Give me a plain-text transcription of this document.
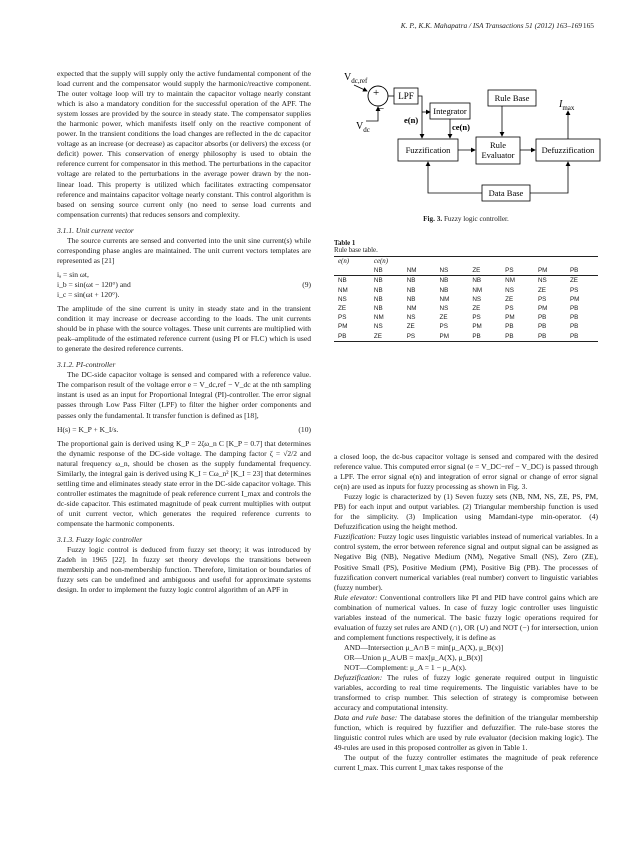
K. P., K.K. Mahapatra / ISA Transactions 51 (2012) 163–169 165

expected that the supply will supply only the active fundamental component of the load current and the compensator would supply the harmonic/reactive component. The outer voltage loop will try to maintain the capacitor voltage nearly constant which is also a mandatory condition for the successful operation of the APF. The system losses are provided by the source in steady state. The compensator supplies the harmonic power, which manifests itself only on the reactive component of power. In the transient conditions the load changes are reflected in the dc capacitor voltage as an increase (or decrease) as capacitor absorbs (or delivers) the excess (or deficit) power. This conservation of energy philosophy is used to obtain the reference current for compensator in this method. The perturbations in the capacitor voltage are related to the perturbations in the average power drawn by the non-linear load. This property is utilized which facilitates extracting compensator reference and maintains capacitor voltage nearly constant. This control algorithm is based on sensing source current only (no need to sense load currents and compensation currents) that reduces sensors and complexity.

3.1.1. Unit current vector

The source currents are sensed and converted into the unit sine current(s) while corresponding phase angles are maintained. The unit current vectors templates are represented as [21]

iₐ = sin ωt,
i_b = sin(ωt − 120°) and	(9)
i_c = sin(ωt + 120°).

The amplitude of the sine current is unity in steady state and in the transient condition it may increase or decrease according to the loads. The unit currents should be in phase with the source voltages. These unit currents are multiplied with peak–amplitude of the estimated reference current (using PI or FLC) which is used to generate the desired reference currents.

3.1.2. PI-controller

The DC-side capacitor voltage is sensed and compared with a reference value. The comparison result of the voltage error e = V_dc,ref − V_dc at the nth sampling instant is used as an input for Proportional Integral (PI)-controller. The error signal passes through Low Pass Filter (LPF) to filter the higher order components and passes only the fundamental. It transfer function is defined as [18],

H(s) = K_P + K_I/s.	(10)

The proportional gain is derived using K_P = 2ζω_n C [K_P = 0.7] that determines the dynamic response of the DC-side voltage. The damping factor ζ = √2/2 and natural frequency ω_n, should be chosen as the supply fundamental frequency. Similarly, the integral gain is derived using K_I = Cω_n² [K_I = 23] that determines settling time and eliminates steady state error in the DC-side capacitor voltage. This controller estimates the magnitude of peak reference current I_max and controls the dc-side capacitor. This estimated magnitude of peak current multiplies with output of unit current vector, which generates the required reference currents to compensate the harmonic components.

3.1.3. Fuzzy logic controller

Fuzzy logic control is deduced from fuzzy set theory; it was introduced by Zadeh in 1965 [22]. In fuzzy set theory develops the transitions between membership and non-membership function. Therefore, limitation or boundaries of fuzzy sets can be undefined and ambiguous and useful for approximate systems design. In order to implement the fuzzy logic control algorithm of an APF in

$V_{dc,ref}$
+
−
$V_{dc}$
LPF
e(n)
Integrator
ce(n)
Fuzzification	Rule
Evaluator
Rule Base
Defuzzification
$I_{max}$
Data Base
Fig. 3. Fuzzy logic controller.
Table 1
Rule base table.
e(n)	ce(n)						
	NB	NM	NS	ZE	PS	PM	PB
NB	NB	NB	NB	NB	NM	NS	ZE
NM	NB	NB	NB	NM	NS	ZE	PS
NS	NB	NB	NM	NS	ZE	PS	PM
ZE	NB	NM	NS	ZE	PS	PM	PB
PS	NM	NS	ZE	PS	PM	PB	PB
PM	NS	ZE	PS	PM	PB	PB	PB
PB	ZE	PS	PM	PB	PB	PB	PB

a closed loop, the dc-bus capacitor voltage is sensed and compared with the desired reference value. This computed error signal (e = V_DC−ref − V_DC) is passed through a LPF. The error signal e(n) and integration of error signal or change of error signal ce(n) are used as inputs for fuzzy processing as shown in Fig. 3.

Fuzzy logic is characterized by (1) Seven fuzzy sets (NB, NM, NS, ZE, PS, PM, PB) for each input and output variables. (2) Triangular membership function is used for the simplicity. (3) Implication using Mamdani-type min-operator. (4) Defuzzification using the height method.

Fuzzification: Fuzzy logic uses linguistic variables instead of numerical variables. In a control system, the error between reference signal and output signal can be assigned as Negative Big (NB), Negative Medium (NM), Negative Small (NS), Zero (ZE), Positive Small (PS), Positive Medium (PM), Positive Big (PB). The processes of fuzzification convert numerical variables (real number) convert to linguistic variables (fuzzy number).

Rule elevator: Conventional controllers like PI and PID have control gains which are combination of numerical values. In case of fuzzy logic controller uses linguistic variables instead of the numerical. The basic fuzzy logic operations required for evaluation of fuzzy set rules are AND (∩), OR (∪) and NOT (−) for intersection, union and complement functions respectively, it is define as

AND—Intersection μ_A∩B = min[μ_A(X), μ_B(x)]

OR—Union μ_A∪B = max[μ_A(X), μ_B(x)]

NOT—Complement: μ_A = 1 − μ_A(x).

Defuzzification: The rules of fuzzy logic generate required output in linguistic variables, according to real time requirements. The linguistic variables have to be transformed to crisp number. This selection of strategy is compromise between accuracy and computational intensity.

Data and rule base: The database stores the definition of the triangular membership function, which is required by fuzzifier and defuzzifier. The rule-base stores the linguistic control rules which are used by rule evaluator (decision making logic). The 49-rules are used in this proposed controller as given in Table 1.

The output of the fuzzy controller estimates the magnitude of peak reference current I_max. This current I_max takes response of the
